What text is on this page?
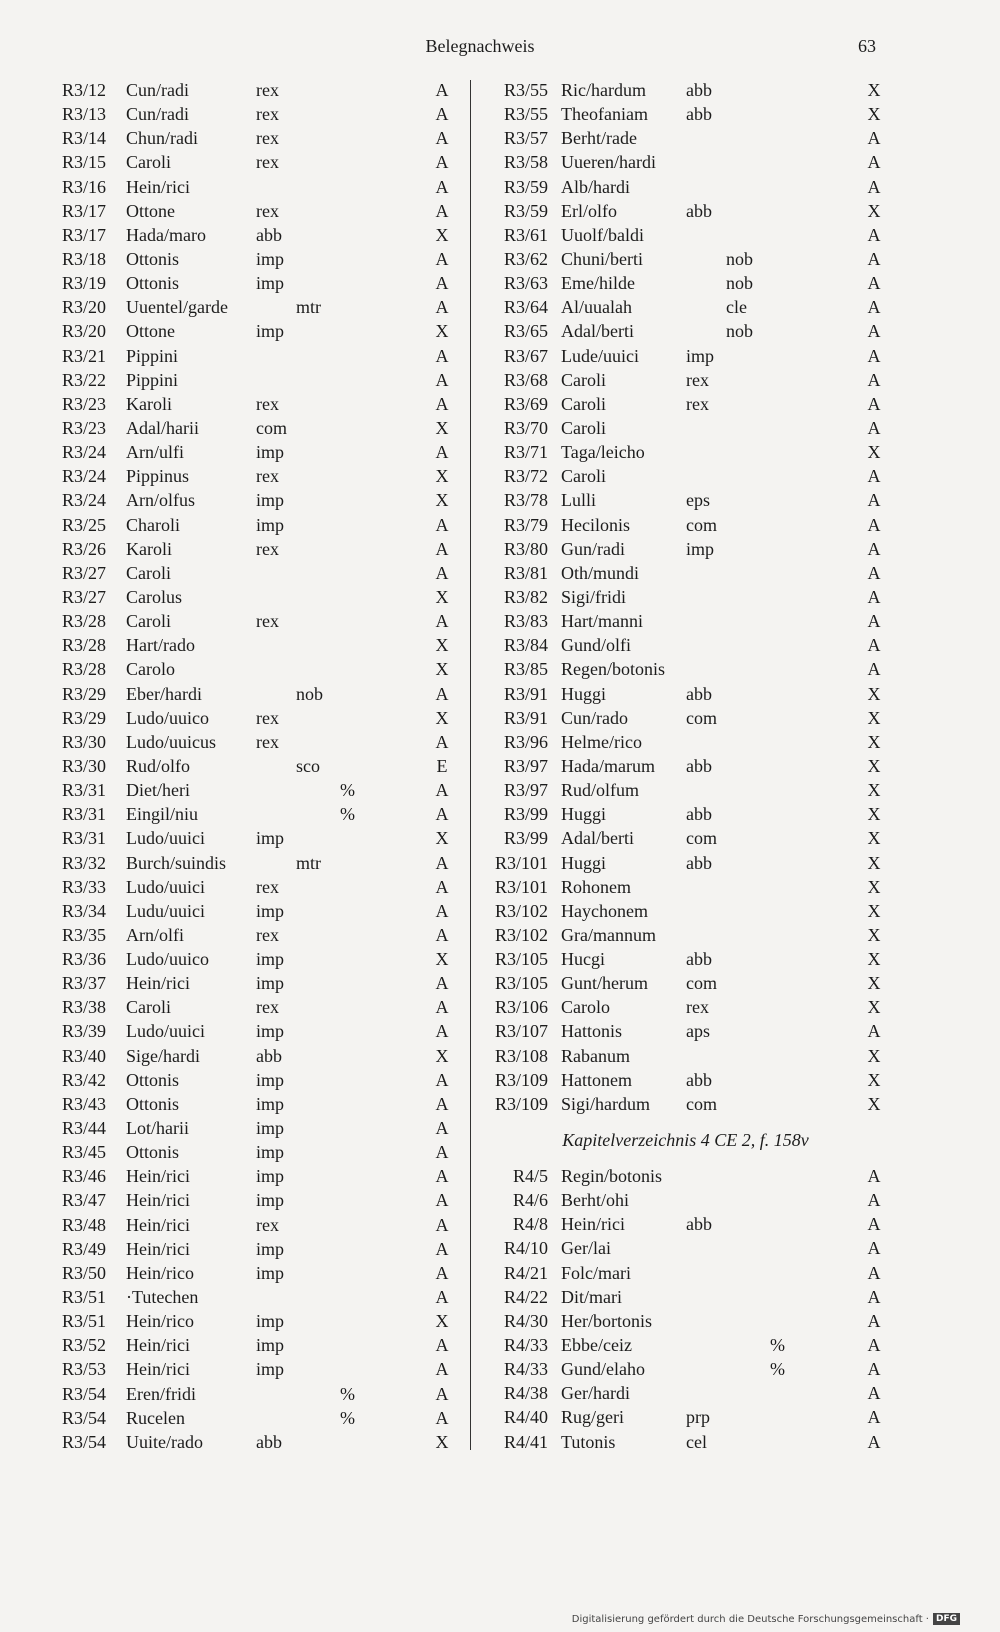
Belegnachweis	63
R3/12 Cun/radi	rex	A
R3/13 Cun/radi	rex	A
R3/14 Chun/radi	rex	A
R3/15 Caroli	rex	A
R3/16 Hein/rici	A
R3/17 Ottone	rex	A
R3/17 Hada/maro	abb	X
R3/18 Ottonis	imp	A
R3/19 Ottonis	imp	A
R3/20 Uuentel/garde	mtr	A
R3/20 Ottone	imp	X
R3/21 Pippini	A
R3/22 Pippini	A
R3/23 Karoli	rex	A
R3/23 Adal/harii	com	X
R3/24 Arn/ulfi	imp	A
R3/24 Pippinus	rex	X
R3/24 Arn/olfus	imp	X
R3/25 Charoli	imp	A
R3/26 Karoli	rex	A
R3/27 Caroli	A
R3/27 Carolus	X
R3/28 Caroli	rex	A
R3/28 Hart/rado	X
R3/28 Carolo	X
R3/29 Eber/hardi	nob	A
R3/29 Ludo/uuico	rex	X
R3/30 Ludo/uuicus rex	A
R3/30 Rud/olfo	sco	E
R3/31 Diet/heri	%	A
R3/31 Eingil/niu	%	A
R3/31 Ludo/uuici	imp	X
R3/32 Burch/suindis	mtr	A
R3/33 Ludo/uuici	rex	A
R3/34 Ludu/uuici	imp	A
R3/35 Arn/olfi	rex	A
R3/36 Ludo/uuico	imp	X
R3/37 Hein/rici	imp	A
R3/38 Caroli	rex	A
R3/39 Ludo/uuici	imp	A
R3/40 Sige/hardi	abb	X
R3/42 Ottonis	imp	A
R3/43 Ottonis	imp	A
R3/44 Lot/harii	imp	A
R3/45 Ottonis	imp	A
R3/46 Hein/rici	imp	A
R3/47 Hein/rici	imp	A
R3/48 Hein/rici	rex	A
R3/49 Hein/rici	imp	A
R3/50 Hein/rico	imp	A
R3/51 ·Tutechen	A
R3/51 Hein/rico	imp	X
R3/52 Hein/rici	imp	A
R3/53 Hein/rici	imp	A
R3/54 Eren/fridi	%	A
R3/54 Rucelen	%	A
R3/54 Uuite/rado	abb	X
R3/55 Ric/hardum abb	X
R3/55 Theofaniam abb	X
R3/57 Berht/rade	A
R3/58 Uueren/hardi	A
R3/59 Alb/hardi	A
R3/59 Erl/olfo	abb	X
R3/61 Uuolf/baldi	A
R3/62 Chuni/berti	nob	A
R3/63 Eme/hilde	nob	A
R3/64 Al/uualah	cle	A
R3/65 Adal/berti	nob	A
R3/67 Lude/uuici	imp	A
R3/68 Caroli	rex	A
R3/69 Caroli	rex	A
R3/70 Caroli	A
R3/71 Taga/leicho	X
R3/72 Caroli	A
R3/78 Lulli	eps	A
R3/79 Hecilonis	com	A
R3/80 Gun/radi	imp	A
R3/81 Oth/mundi	A
R3/82 Sigi/fridi	A
R3/83 Hart/manni	A
R3/84 Gund/olfi	A
R3/85 Regen/botonis	A
R3/91 Huggi	abb	X
R3/91 Cun/rado	com	X
R3/96 Helme/rico	X
R3/97 Hada/marum abb	X
R3/97 Rud/olfum	X
R3/99 Huggi	abb	X
R3/99 Adal/berti	com	X
R3/101 Huggi	abb	X
R3/101 Rohonem	X
R3/102 Haychonem	X
R3/102 Gra/mannum	X
R3/105 Hucgi	abb	X
R3/105 Gunt/herum com	X
R3/106 Carolo	rex	X
R3/107 Hattonis	aps	A
R3/108 Rabanum	X
R3/109 Hattonem	abb	X
R3/109 Sigi/hardum com	X
Kapitelverzeichnis 4 CE 2, f. 158v
R4/5 Regin/botonis	A
R4/6 Berht/ohi	A
R4/8 Hein/rici	abb	A
R4/10 Ger/lai	A
R4/21 Folc/mari	A
R4/22 Dit/mari	A
R4/30 Her/bortonis	A
R4/33 Ebbe/ceiz	%	A
R4/33 Gund/elaho	%	A
R4/38 Ger/hardi	A
R4/40 Rug/geri	prp	A
R4/41 Tutonis	cel	A
Digitalisierung gefördert durch die Deutsche Forschungsgemeinschaft · DFG
